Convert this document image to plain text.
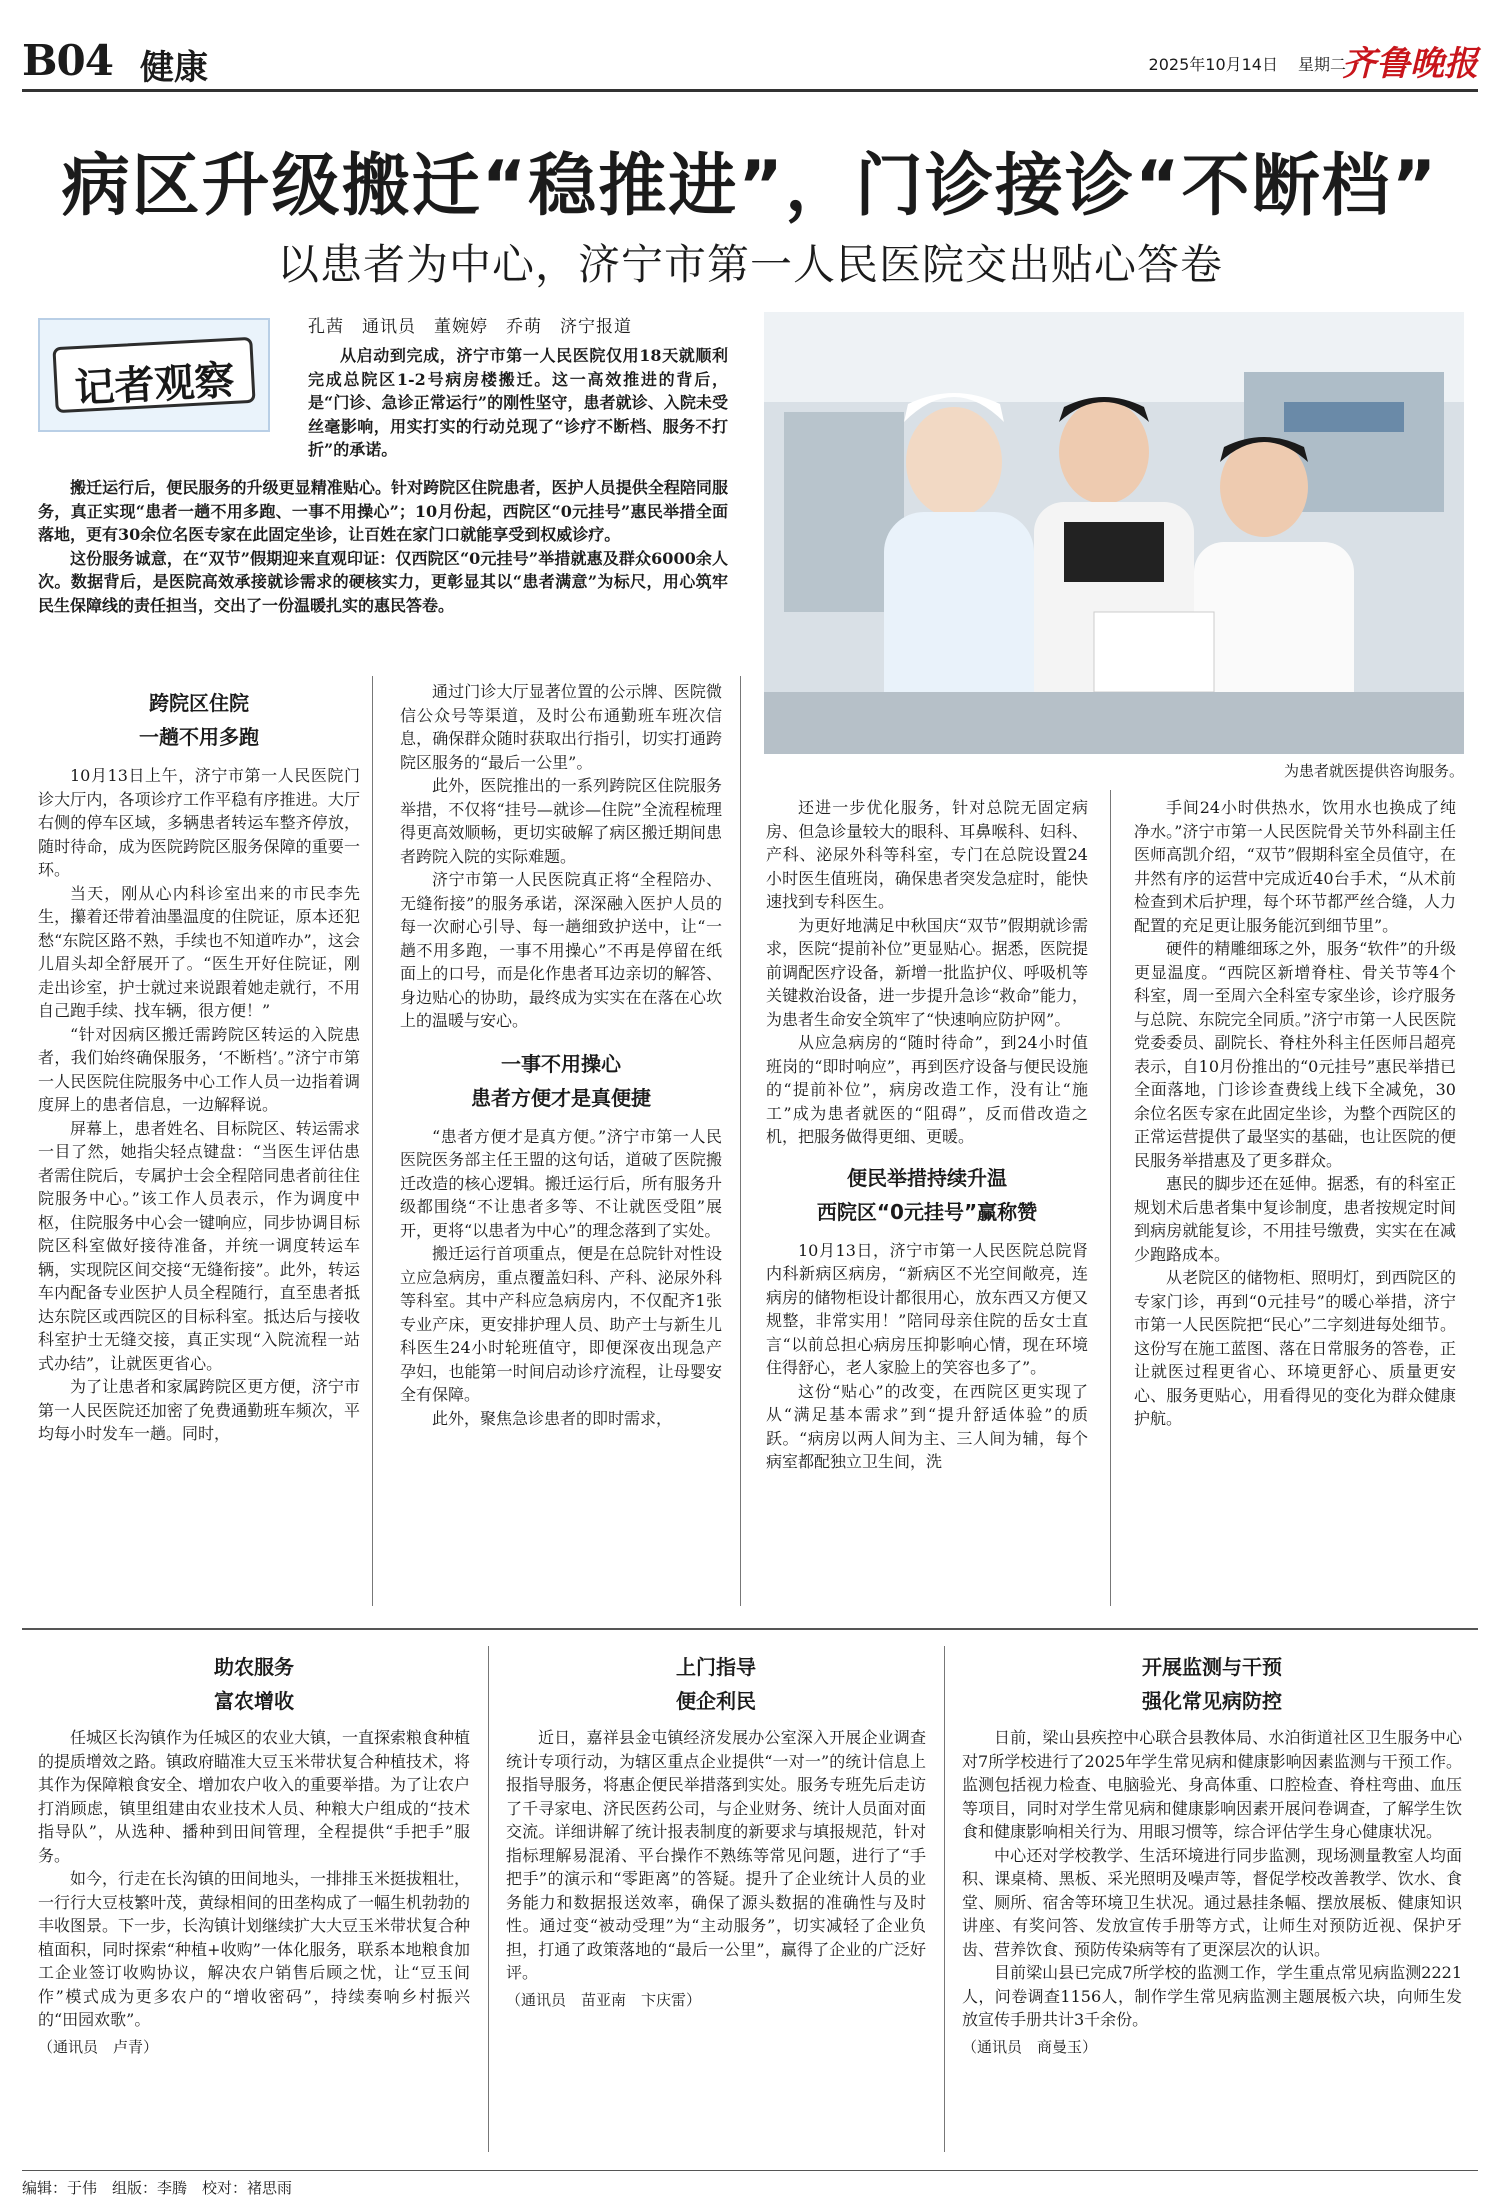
B04 健康	2025年10月14日 星期二
齐鲁晚报
病区升级搬迁“稳推进”，门诊接诊“不断档”
以患者为中心，济宁市第一人民医院交出贴心答卷
记者观察
孔茜　通讯员　董婉婷　乔萌　济宁报道
从启动到完成，济宁市第一人民医院仅用18天就顺利完成总院区1-2号病房楼搬迁。这一高效推进的背后，是“门诊、急诊正常运行”的刚性坚守，患者就诊、入院未受丝毫影响，用实打实的行动兑现了“诊疗不断档、服务不打折”的承诺。

搬迁运行后，便民服务的升级更显精准贴心。针对跨院区住院患者，医护人员提供全程陪同服务，真正实现“患者一趟不用多跑、一事不用操心”；10月份起，西院区“0元挂号”惠民举措全面落地，更有30余位名医专家在此固定坐诊，让百姓在家门口就能享受到权威诊疗。

这份服务诚意，在“双节”假期迎来直观印证：仅西院区“0元挂号”举措就惠及群众6000余人次。数据背后，是医院高效承接就诊需求的硬核实力，更彰显其以“患者满意”为标尺，用心筑牢民生保障线的责任担当，交出了一份温暖扎实的惠民答卷。

为患者就医提供咨询服务。
跨院区住院
一趟不用多跑

10月13日上午，济宁市第一人民医院门诊大厅内，各项诊疗工作平稳有序推进。大厅右侧的停车区域，多辆患者转运车整齐停放，随时待命，成为医院跨院区服务保障的重要一环。

当天，刚从心内科诊室出来的市民李先生，攥着还带着油墨温度的住院证，原本还犯愁“东院区路不熟，手续也不知道咋办”，这会儿眉头却全舒展开了。“医生开好住院证，刚走出诊室，护士就过来说跟着她走就行，不用自己跑手续、找车辆，很方便！”

“针对因病区搬迁需跨院区转运的入院患者，我们始终确保服务，‘不断档’。”济宁市第一人民医院住院服务中心工作人员一边指着调度屏上的患者信息，一边解释说。

屏幕上，患者姓名、目标院区、转运需求一目了然，她指尖轻点键盘：“当医生评估患者需住院后，专属护士会全程陪同患者前往住院服务中心。”该工作人员表示，作为调度中枢，住院服务中心会一键响应，同步协调目标院区科室做好接待准备，并统一调度转运车辆，实现院区间交接“无缝衔接”。此外，转运车内配备专业医护人员全程随行，直至患者抵达东院区或西院区的目标科室。抵达后与接收科室护士无缝交接，真正实现“入院流程一站式办结”，让就医更省心。

为了让患者和家属跨院区更方便，济宁市第一人民医院还加密了免费通勤班车频次，平均每小时发车一趟。同时，

通过门诊大厅显著位置的公示牌、医院微信公众号等渠道，及时公布通勤班车班次信息，确保群众随时获取出行指引，切实打通跨院区服务的“最后一公里”。

此外，医院推出的一系列跨院区住院服务举措，不仅将“挂号—就诊—住院”全流程梳理得更高效顺畅，更切实破解了病区搬迁期间患者跨院入院的实际难题。

济宁市第一人民医院真正将“全程陪办、无缝衔接”的服务承诺，深深融入医护人员的每一次耐心引导、每一趟细致护送中，让“一趟不用多跑，一事不用操心”不再是停留在纸面上的口号，而是化作患者耳边亲切的解答、身边贴心的协助，最终成为实实在在落在心坎上的温暖与安心。

一事不用操心
患者方便才是真便捷

“患者方便才是真方便。”济宁市第一人民医院医务部主任王盟的这句话，道破了医院搬迁改造的核心逻辑。搬迁运行后，所有服务升级都围绕“不让患者多等、不让就医受阻”展开，更将“以患者为中心”的理念落到了实处。

搬迁运行首项重点，便是在总院针对性设立应急病房，重点覆盖妇科、产科、泌尿外科等科室。其中产科应急病房内，不仅配齐1张专业产床，更安排护理人员、助产士与新生儿科医生24小时轮班值守，即便深夜出现急产孕妇，也能第一时间启动诊疗流程，让母婴安全有保障。

此外，聚焦急诊患者的即时需求，

还进一步优化服务，针对总院无固定病房、但急诊量较大的眼科、耳鼻喉科、妇科、产科、泌尿外科等科室，专门在总院设置24小时医生值班岗，确保患者突发急症时，能快速找到专科医生。

为更好地满足中秋国庆“双节”假期就诊需求，医院“提前补位”更显贴心。据悉，医院提前调配医疗设备，新增一批监护仪、呼吸机等关键救治设备，进一步提升急诊“救命”能力，为患者生命安全筑牢了“快速响应防护网”。

从应急病房的“随时待命”，到24小时值班岗的“即时响应”，再到医疗设备与便民设施的“提前补位”，病房改造工作，没有让“施工”成为患者就医的“阻碍”，反而借改造之机，把服务做得更细、更暖。

便民举措持续升温
西院区“0元挂号”赢称赞

10月13日，济宁市第一人民医院总院肾内科新病区病房，“新病区不光空间敞亮，连病房的储物柜设计都很用心，放东西又方便又规整，非常实用！”陪同母亲住院的岳女士直言“以前总担心病房压抑影响心情，现在环境住得舒心，老人家脸上的笑容也多了”。

这份“贴心”的改变，在西院区更实现了从“满足基本需求”到“提升舒适体验”的质跃。“病房以两人间为主、三人间为辅，每个病室都配独立卫生间，洗

手间24小时供热水，饮用水也换成了纯净水。”济宁市第一人民医院骨关节外科副主任医师高凯介绍，“双节”假期科室全员值守，在井然有序的运营中完成近40台手术，“从术前检查到术后护理，每个环节都严丝合缝，人力配置的充足更让服务能沉到细节里”。

硬件的精雕细琢之外，服务“软件”的升级更显温度。“西院区新增脊柱、骨关节等4个科室，周一至周六全科室专家坐诊，诊疗服务与总院、东院完全同质。”济宁市第一人民医院党委委员、副院长、脊柱外科主任医师吕超亮表示，自10月份推出的“0元挂号”惠民举措已全面落地，门诊诊查费线上线下全减免，30余位名医专家在此固定坐诊，为整个西院区的正常运营提供了最坚实的基础，也让医院的便民服务举措惠及了更多群众。

惠民的脚步还在延伸。据悉，有的科室正规划术后患者集中复诊制度，患者按规定时间到病房就能复诊，不用挂号缴费，实实在在减少跑路成本。

从老院区的储物柜、照明灯，到西院区的专家门诊，再到“0元挂号”的暖心举措，济宁市第一人民医院把“民心”二字刻进每处细节。这份写在施工蓝图、落在日常服务的答卷，正让就医过程更省心、环境更舒心、质量更安心、服务更贴心，用看得见的变化为群众健康护航。

助农服务
富农增收

任城区长沟镇作为任城区的农业大镇，一直探索粮食种植的提质增效之路。镇政府瞄准大豆玉米带状复合种植技术，将其作为保障粮食安全、增加农户收入的重要举措。为了让农户打消顾虑，镇里组建由农业技术人员、种粮大户组成的“技术指导队”，从选种、播种到田间管理，全程提供“手把手”服务。

如今，行走在长沟镇的田间地头，一排排玉米挺拔粗壮，一行行大豆枝繁叶茂，黄绿相间的田垄构成了一幅生机勃勃的丰收图景。下一步，长沟镇计划继续扩大大豆玉米带状复合种植面积，同时探索“种植+收购”一体化服务，联系本地粮食加工企业签订收购协议，解决农户销售后顾之忧，让“豆玉间作”模式成为更多农户的“增收密码”，持续奏响乡村振兴的“田园欢歌”。

（通讯员　卢青）
上门指导
便企利民

近日，嘉祥县金屯镇经济发展办公室深入开展企业调查统计专项行动，为辖区重点企业提供“一对一”的统计信息上报指导服务，将惠企便民举措落到实处。服务专班先后走访了千寻家电、济民医药公司，与企业财务、统计人员面对面交流。详细讲解了统计报表制度的新要求与填报规范，针对指标理解易混淆、平台操作不熟练等常见问题，进行了“手把手”的演示和“零距离”的答疑。提升了企业统计人员的业务能力和数据报送效率，确保了源头数据的准确性与及时性。通过变“被动受理”为“主动服务”，切实减轻了企业负担，打通了政策落地的“最后一公里”，赢得了企业的广泛好评。

（通讯员　苗亚南　卞庆雷）
开展监测与干预
强化常见病防控

日前，梁山县疾控中心联合县教体局、水泊街道社区卫生服务中心对7所学校进行了2025年学生常见病和健康影响因素监测与干预工作。监测包括视力检查、电脑验光、身高体重、口腔检查、脊柱弯曲、血压等项目，同时对学生常见病和健康影响因素开展问卷调查，了解学生饮食和健康影响相关行为、用眼习惯等，综合评估学生身心健康状况。

中心还对学校教学、生活环境进行同步监测，现场测量教室人均面积、课桌椅、黑板、采光照明及噪声等，督促学校改善教学、饮水、食堂、厕所、宿舍等环境卫生状况。通过悬挂条幅、摆放展板、健康知识讲座、有奖问答、发放宣传手册等方式，让师生对预防近视、保护牙齿、营养饮食、预防传染病等有了更深层次的认识。

目前梁山县已完成7所学校的监测工作，学生重点常见病监测2221人，问卷调查1156人，制作学生常见病监测主题展板六块，向师生发放宣传手册共计3千余份。

（通讯员　商曼玉）
编辑：于伟　组版：李腾　校对：褚思雨
